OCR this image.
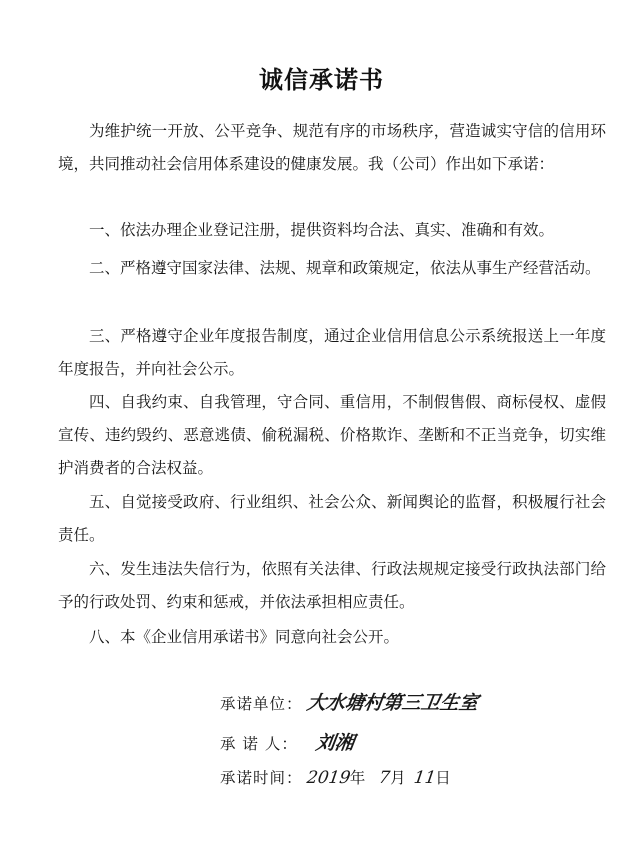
诚信承诺书

为维护统一开放、公平竞争、规范有序的市场秩序，营造诚实守信的信用环境，共同推动社会信用体系建设的健康发展。我（公司）作出如下承诺：

一、依法办理企业登记注册，提供资料均合法、真实、准确和有效。

二、严格遵守国家法律、法规、规章和政策规定，依法从事生产经营活动。

三、严格遵守企业年度报告制度，通过企业信用信息公示系统报送上一年度年度报告，并向社会公示。

四、自我约束、自我管理，守合同、重信用，不制假售假、商标侵权、虚假宣传、违约毁约、恶意逃债、偷税漏税、价格欺诈、垄断和不正当竞争，切实维护消费者的合法权益。

五、自觉接受政府、行业组织、社会公众、新闻舆论的监督，积极履行社会责任。

六、发生违法失信行为，依照有关法律、行政法规规定接受行政执法部门给予的行政处罚、约束和惩戒，并依法承担相应责任。

八、本《企业信用承诺书》同意向社会公开。

承诺单位： 大水塘村第三卫生室
承 诺 人： 刘湘
承诺时间： 2019年 7月 11日
